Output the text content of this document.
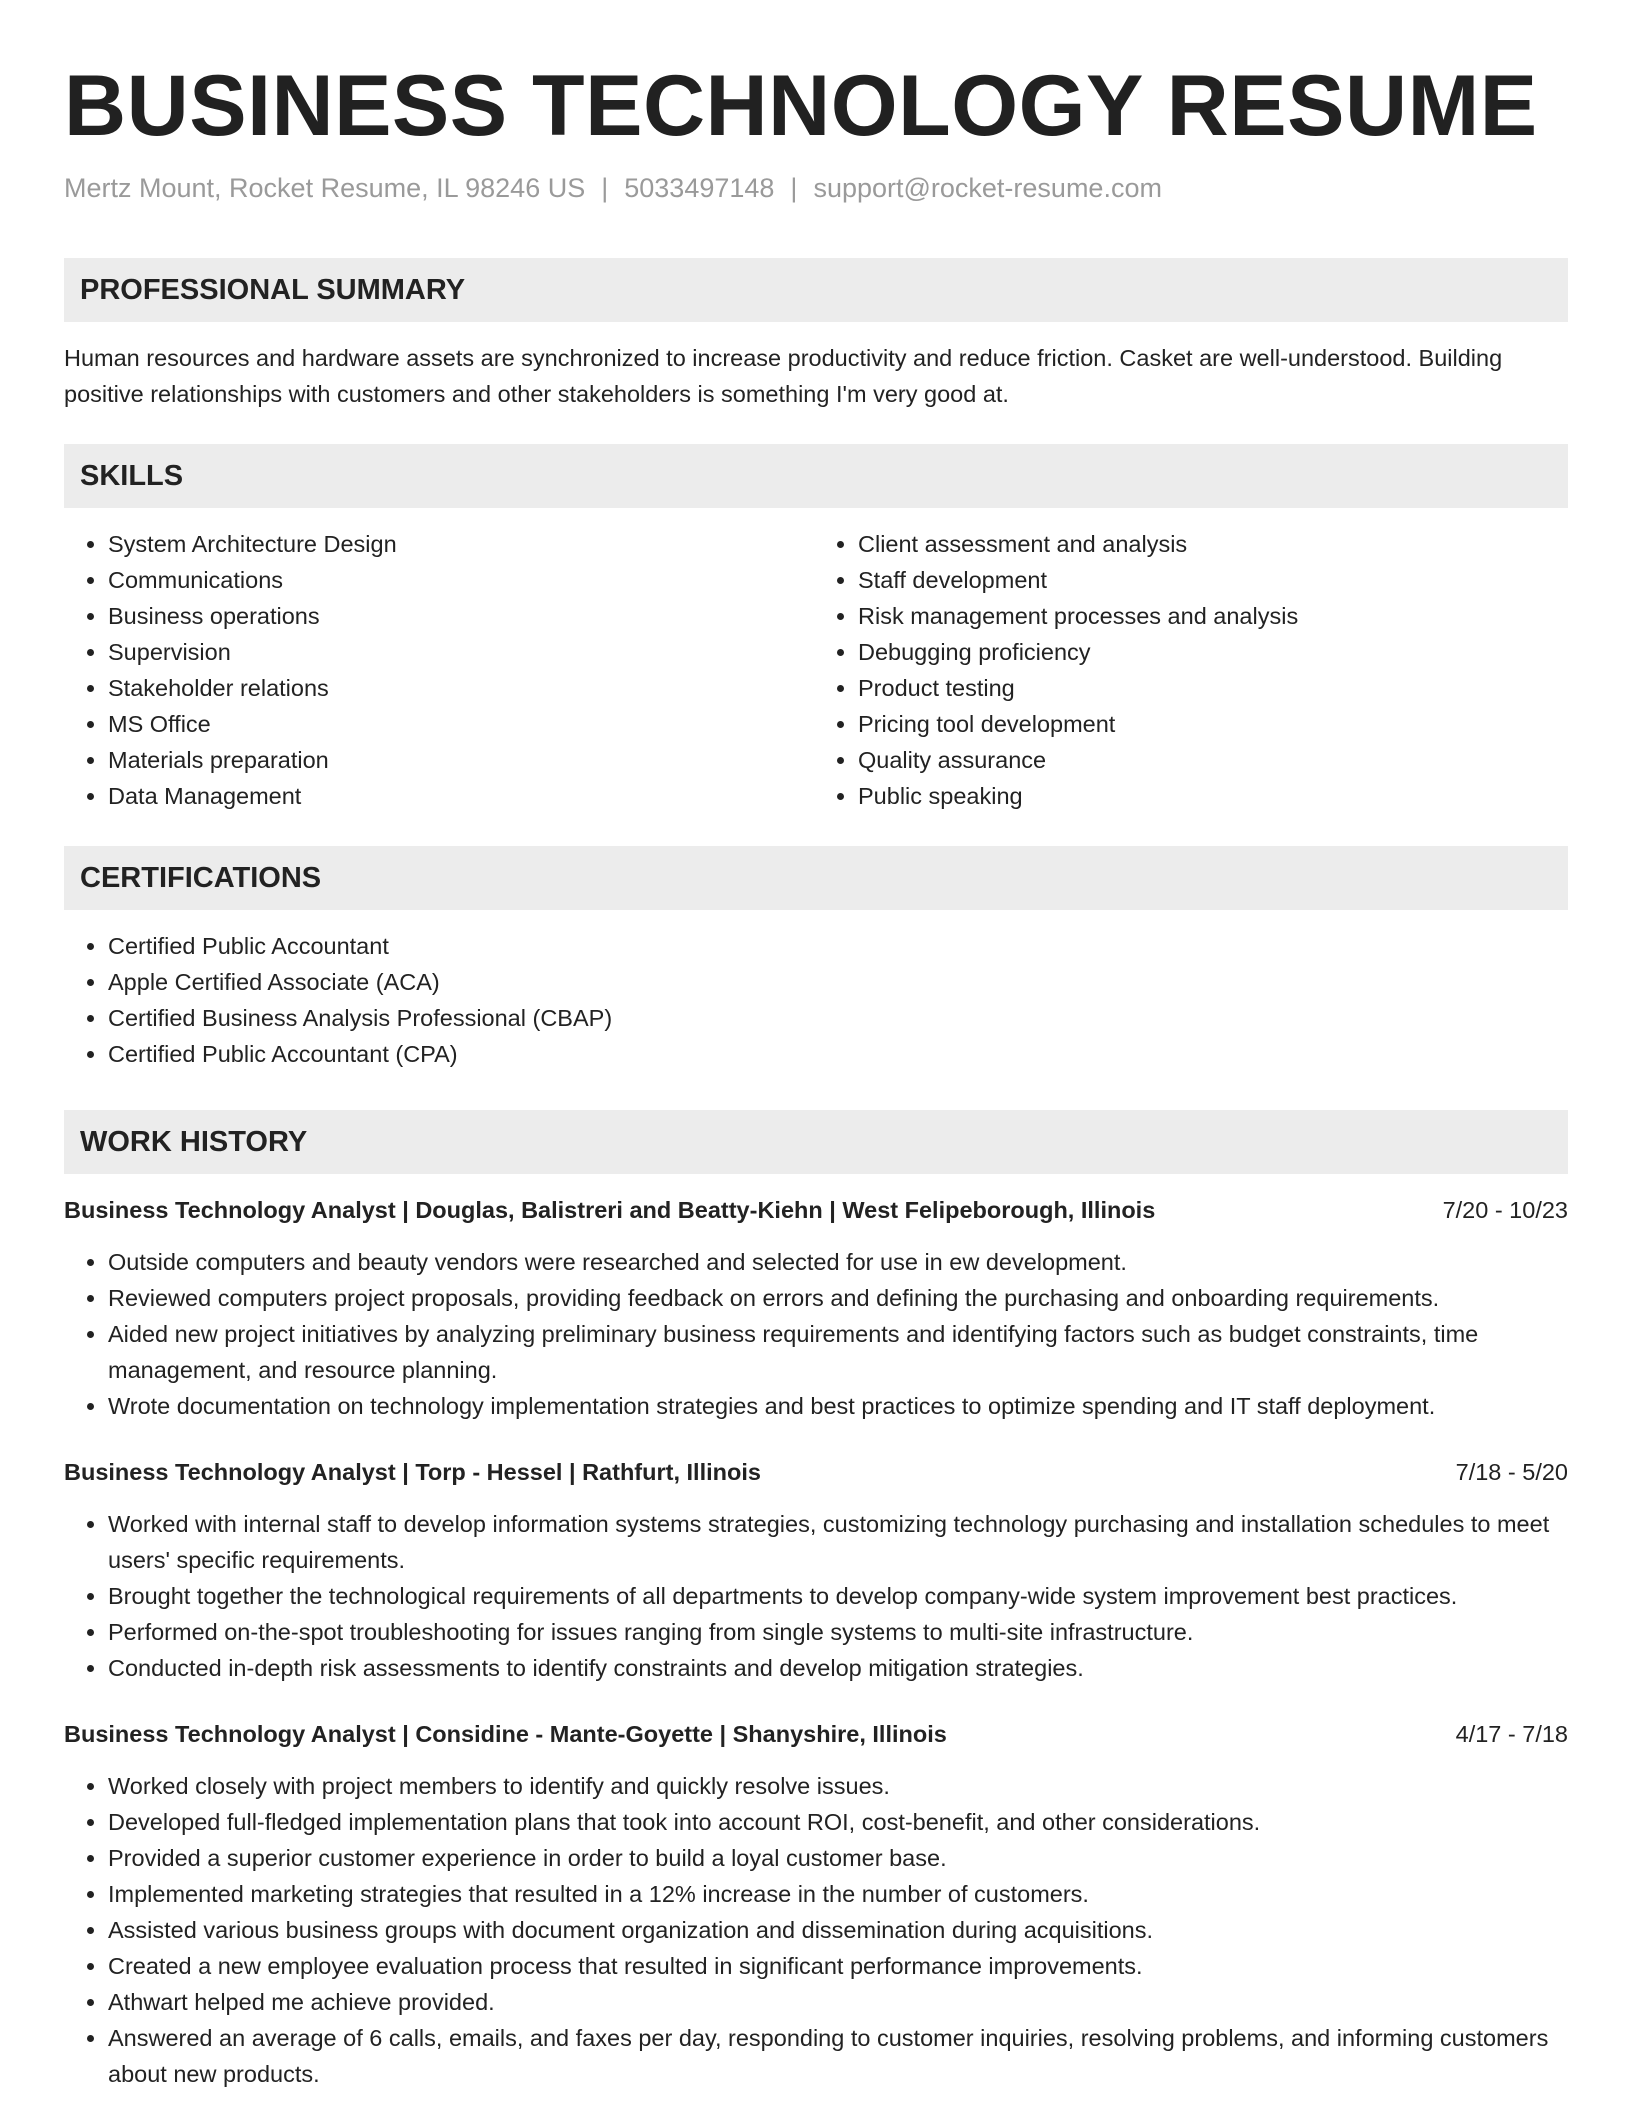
BUSINESS TECHNOLOGY RESUME
Mertz Mount, Rocket Resume, IL 98246 US | 5033497148 | support@rocket-resume.com
PROFESSIONAL SUMMARY

Human resources and hardware assets are synchronized to increase productivity and reduce friction. Casket are well-understood. Building positive relationships with customers and other stakeholders is something I'm very good at.

SKILLS
• System Architecture Design
• Communications
• Business operations
• Supervision
• Stakeholder relations
• MS Office
• Materials preparation
• Data Management
• Client assessment and analysis
• Staff development
• Risk management processes and analysis
• Debugging proficiency
• Product testing
• Pricing tool development
• Quality assurance
• Public speaking
CERTIFICATIONS
• Certified Public Accountant
• Apple Certified Associate (ACA)
• Certified Business Analysis Professional (CBAP)
• Certified Public Accountant (CPA)
WORK HISTORY
Business Technology Analyst | Douglas, Balistreri and Beatty-Kiehn | West Felipeborough, Illinois	7/20 - 10/23
• Outside computers and beauty vendors were researched and selected for use in ew development.
• Reviewed computers project proposals, providing feedback on errors and defining the purchasing and onboarding requirements.
• Aided new project initiatives by analyzing preliminary business requirements and identifying factors such as budget constraints, time management, and resource planning.
• Wrote documentation on technology implementation strategies and best practices to optimize spending and IT staff deployment.
Business Technology Analyst | Torp - Hessel | Rathfurt, Illinois	7/18 - 5/20
• Worked with internal staff to develop information systems strategies, customizing technology purchasing and installation schedules to meet users' specific requirements.
• Brought together the technological requirements of all departments to develop company-wide system improvement best practices.
• Performed on-the-spot troubleshooting for issues ranging from single systems to multi-site infrastructure.
• Conducted in-depth risk assessments to identify constraints and develop mitigation strategies.
Business Technology Analyst | Considine - Mante-Goyette | Shanyshire, Illinois	4/17 - 7/18
• Worked closely with project members to identify and quickly resolve issues.
• Developed full-fledged implementation plans that took into account ROI, cost-benefit, and other considerations.
• Provided a superior customer experience in order to build a loyal customer base.
• Implemented marketing strategies that resulted in a 12% increase in the number of customers.
• Assisted various business groups with document organization and dissemination during acquisitions.
• Created a new employee evaluation process that resulted in significant performance improvements.
• Athwart helped me achieve provided.
• Answered an average of 6 calls, emails, and faxes per day, responding to customer inquiries, resolving problems, and informing customers about new products.
